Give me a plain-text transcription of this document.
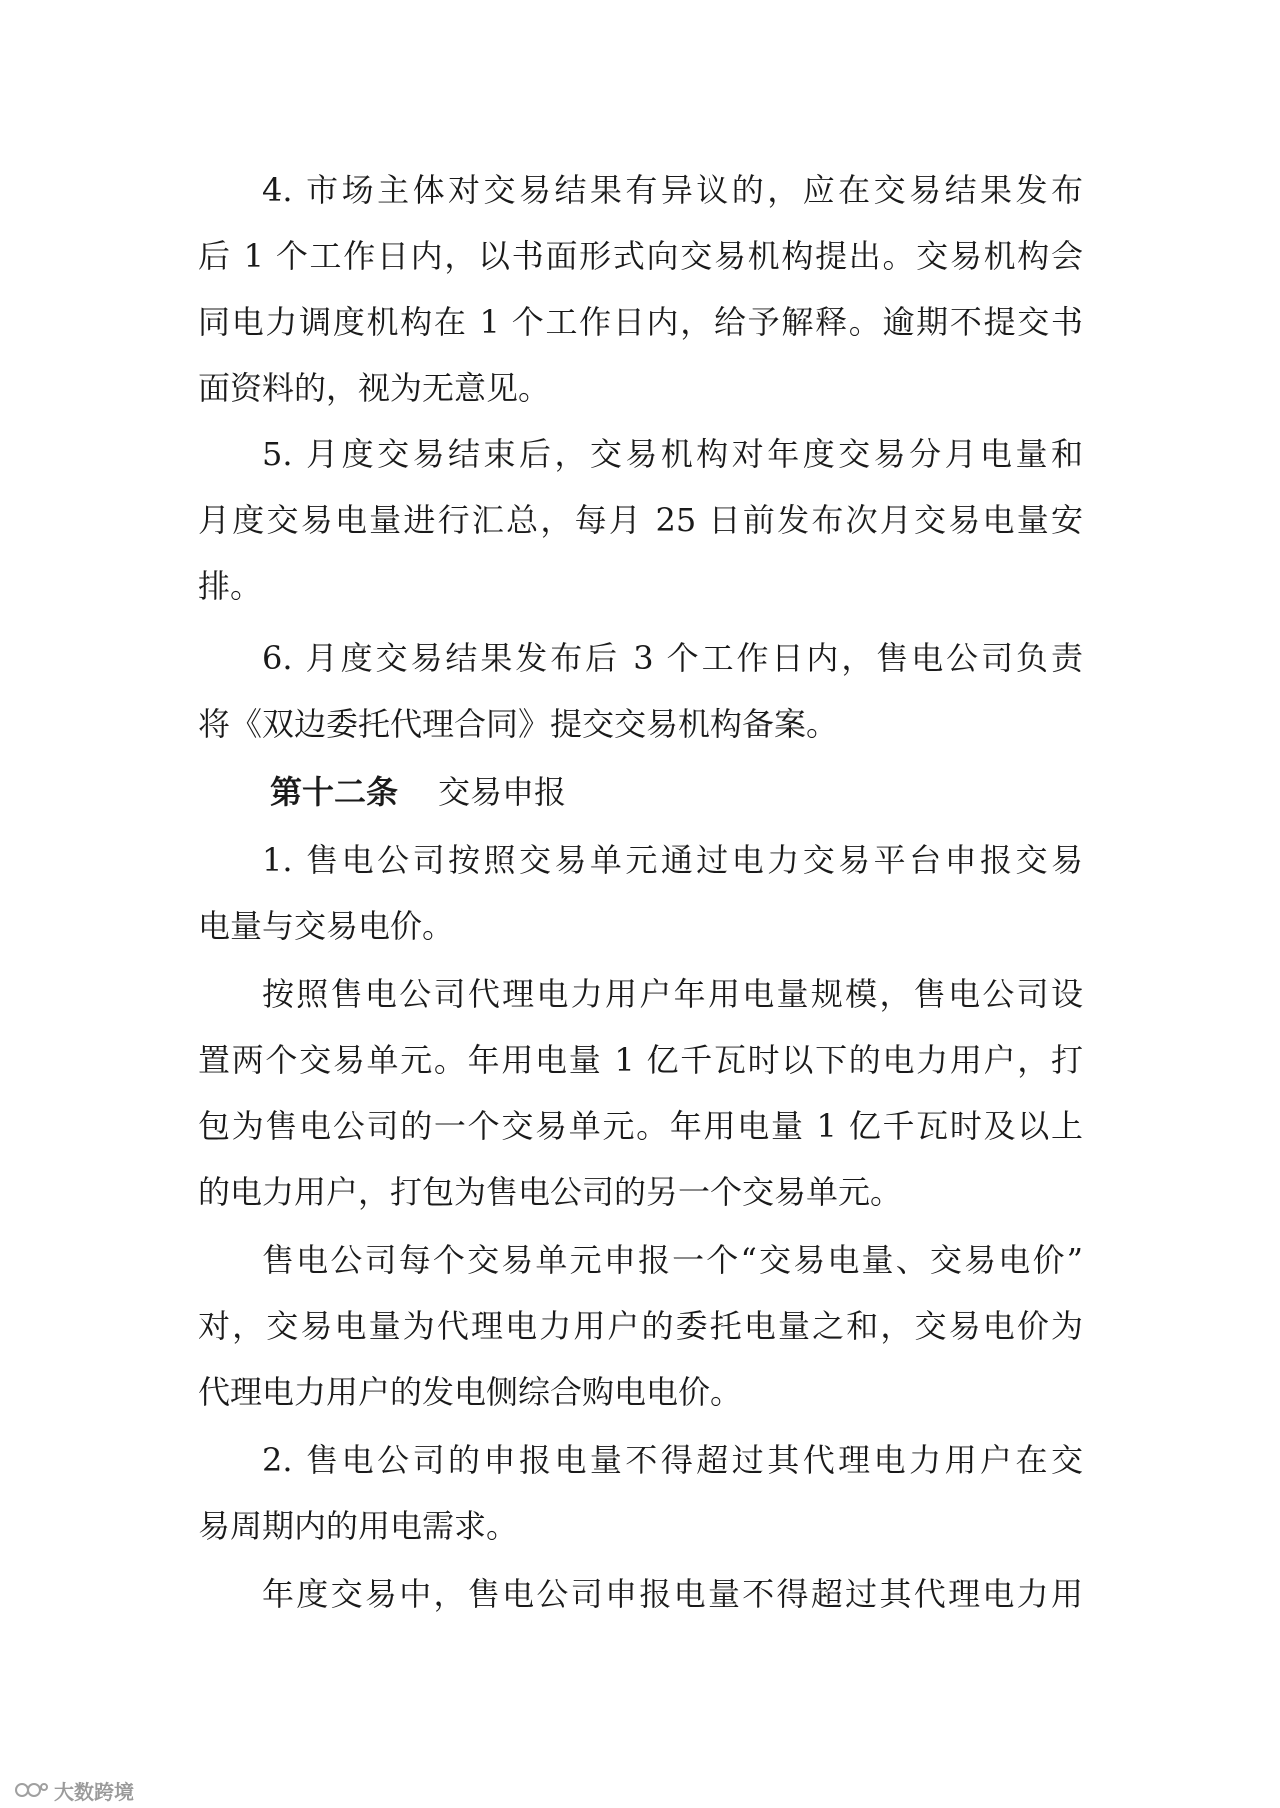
4. 市场主体对交易结果有异议的，应在交易结果发布
后 1 个工作日内，以书面形式向交易机构提出。交易机构会
同电力调度机构在 1 个工作日内，给予解释。逾期不提交书
面资料的，视为无意见。
5. 月度交易结束后，交易机构对年度交易分月电量和
月度交易电量进行汇总，每月 25 日前发布次月交易电量安
排。
6. 月度交易结果发布后 3 个工作日内，售电公司负责
将《双边委托代理合同》提交交易机构备案。
第十二条 交易申报
1. 售电公司按照交易单元通过电力交易平台申报交易
电量与交易电价。
按照售电公司代理电力用户年用电量规模，售电公司设
置两个交易单元。年用电量 1 亿千瓦时以下的电力用户，打
包为售电公司的一个交易单元。年用电量 1 亿千瓦时及以上
的电力用户，打包为售电公司的另一个交易单元。
售电公司每个交易单元申报一个“交易电量、交易电价”
对，交易电量为代理电力用户的委托电量之和，交易电价为
代理电力用户的发电侧综合购电电价。
2. 售电公司的申报电量不得超过其代理电力用户在交
易周期内的用电需求。
年度交易中，售电公司申报电量不得超过其代理电力用
大数跨境
